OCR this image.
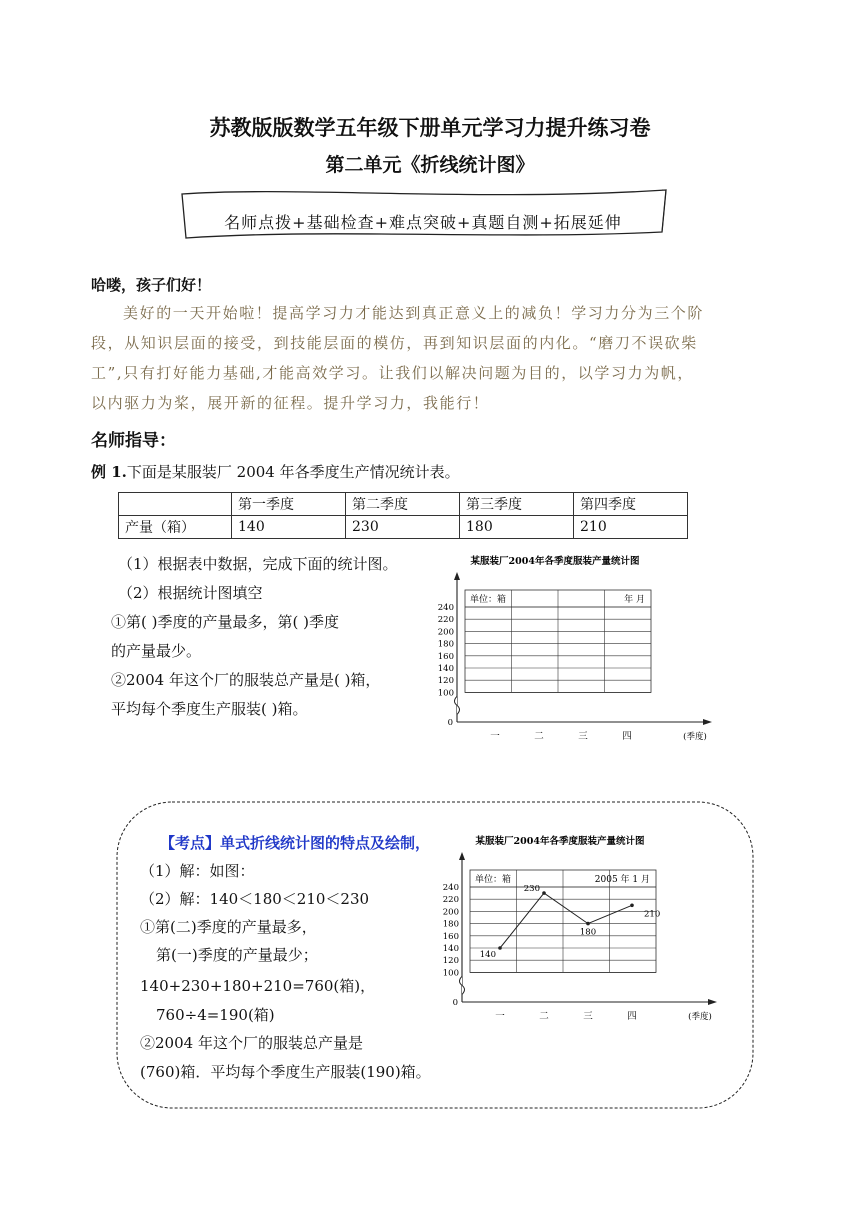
苏教版版数学五年级下册单元学习力提升练习卷
第二单元《折线统计图》
名师点拨+基础检查+难点突破+真题自测+拓展延伸
哈喽，孩子们好！
美好的一天开始啦！提高学习力才能达到真正意义上的减负！学习力分为三个阶
段，从知识层面的接受，到技能层面的模仿，再到知识层面的内化。“磨刀不误砍柴
工”,只有打好能力基础,才能高效学习。让我们以解决问题为目的，以学习力为帆，
以内驱力为桨，展开新的征程。提升学习力，我能行！
名师指导：
例 1.下面是某服装厂 2004 年各季度生产情况统计表。
	第一季度	第二季度	第三季度	第四季度
产量（箱）	140	230	180	210
（1）根据表中数据，完成下面的统计图。
（2）根据统计图填空
①第( )季度的产量最多，第( )季度
的产量最少。
②2004 年这个厂的服装总产量是( )箱，
平均每个季度生产服装( )箱。
某服装厂2004年各季度服装产量统计图
单位：箱	年 月
100
120
140
160
180
200
220
240
0
一	二	三	四	(季度)
【考点】单式折线统计图的特点及绘制，
（1）解：如图：
（2）解：140＜180＜210＜230
①第(二)季度的产量最多，
第(一)季度的产量最少；
140+230+180+210=760(箱)，
760÷4=190(箱)
②2004 年这个厂的服装总产量是
(760)箱．平均每个季度生产服装(190)箱。
某服装厂2004年各季度服装产量统计图
单位：箱	2005 年 1 月
100
120
140
160
180
200
220
240
0
一	二	三	四	(季度)
140
230
180
210
